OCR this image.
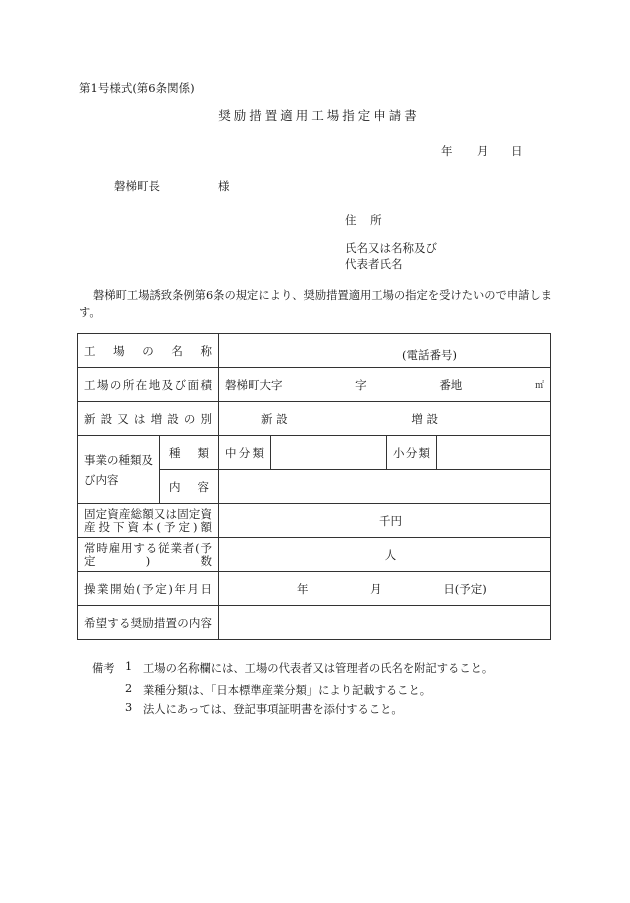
第1号様式(第6条関係)
奨励措置適用工場指定申請書
年 月 日
磐梯町長	様
住 所
氏名又は名称及び
代表者氏名
磐梯町工場誘致条例第6条の規定により、奨励措置適用工場の指定を受けたいので申請します。
工 場 の 名 称		(電話番号)			

工場の所在地及び面積		磐梯町大字 字 番地 ㎡			

新設又は増設の別		新 設 増 設			
事業の種類及び内容	種 類	中分類		小分類	
	内 容				
固定資産総額又は固定資産投下資本(予定)額		千円			
常時雇用する従業者(予定)数		人			
操業開始(予定)年月日		年 月 日(予定)			
希望する奨励措置の内容					
備考 1 工場の名称欄には、工場の代表者又は管理者の氏名を附記すること。
2 業種分類は、「日本標準産業分類」により記載すること。
3 法人にあっては、登記事項証明書を添付すること。
